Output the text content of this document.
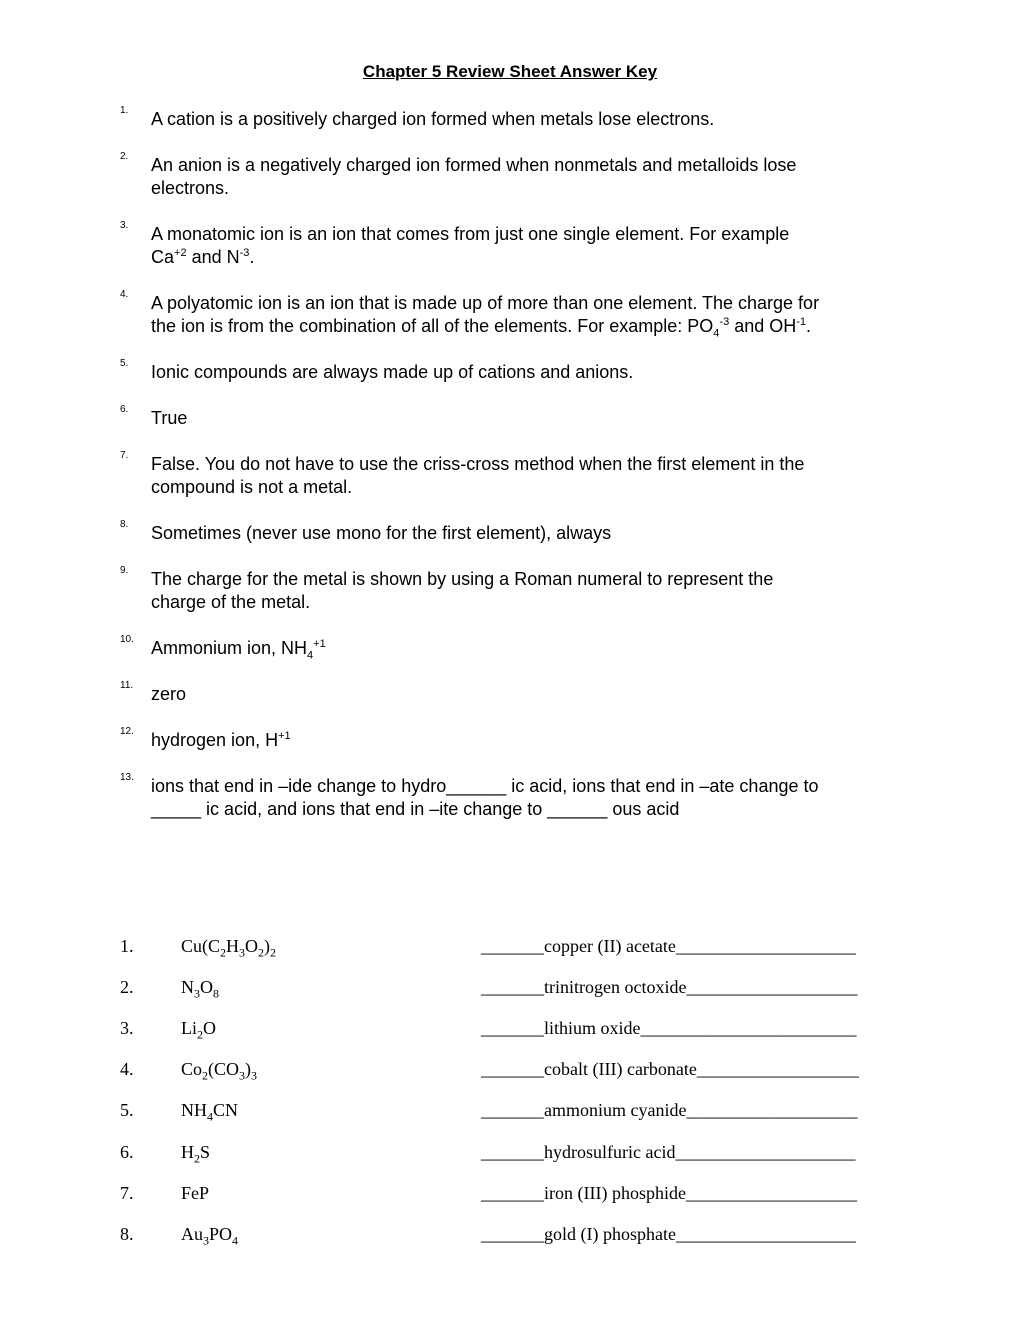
Chapter 5 Review Sheet Answer Key
1. A cation is a positively charged ion formed when metals lose electrons.
2. An anion is a negatively charged ion formed when nonmetals and metalloids lose
electrons.
3. A monatomic ion is an ion that comes from just one single element. For example
$Ca^{+2}$ and $N^{-3}$.
4. A polyatomic ion is an ion that is made up of more than one element. The charge for
the ion is from the combination of all of the elements. For example: $PO_4^{-3}$ and $OH^{-1}$.
5. Ionic compounds are always made up of cations and anions.
6. True
7. False. You do not have to use the criss-cross method when the first element in the
compound is not a metal.
8. Sometimes (never use mono for the first element), always
9. The charge for the metal is shown by using a Roman numeral to represent the
charge of the metal.
10. Ammonium ion, $NH_4^{+1}$
11. zero
12. hydrogen ion, $H^{+1}$
13. ions that end in –ide change to hydro______ ic acid, ions that end in –ate change to
_____ ic acid, and ions that end in –ite change to ______ ous acid
1.	$Cu(C_2H_3O_2)_2$	_______copper (II) acetate____________________
2.	$N_3O_8$	_______trinitrogen octoxide___________________
3.	$Li_2O$	_______lithium oxide________________________
4.	$Co_2(CO_3)_3$	_______cobalt (III) carbonate__________________
5.	$NH_4CN$	_______ammonium cyanide___________________
6.	$H_2S$	_______hydrosulfuric acid____________________
7.	FeP	_______iron (III) phosphide___________________
8.	$Au_3PO_4$	_______gold (I) phosphate____________________
